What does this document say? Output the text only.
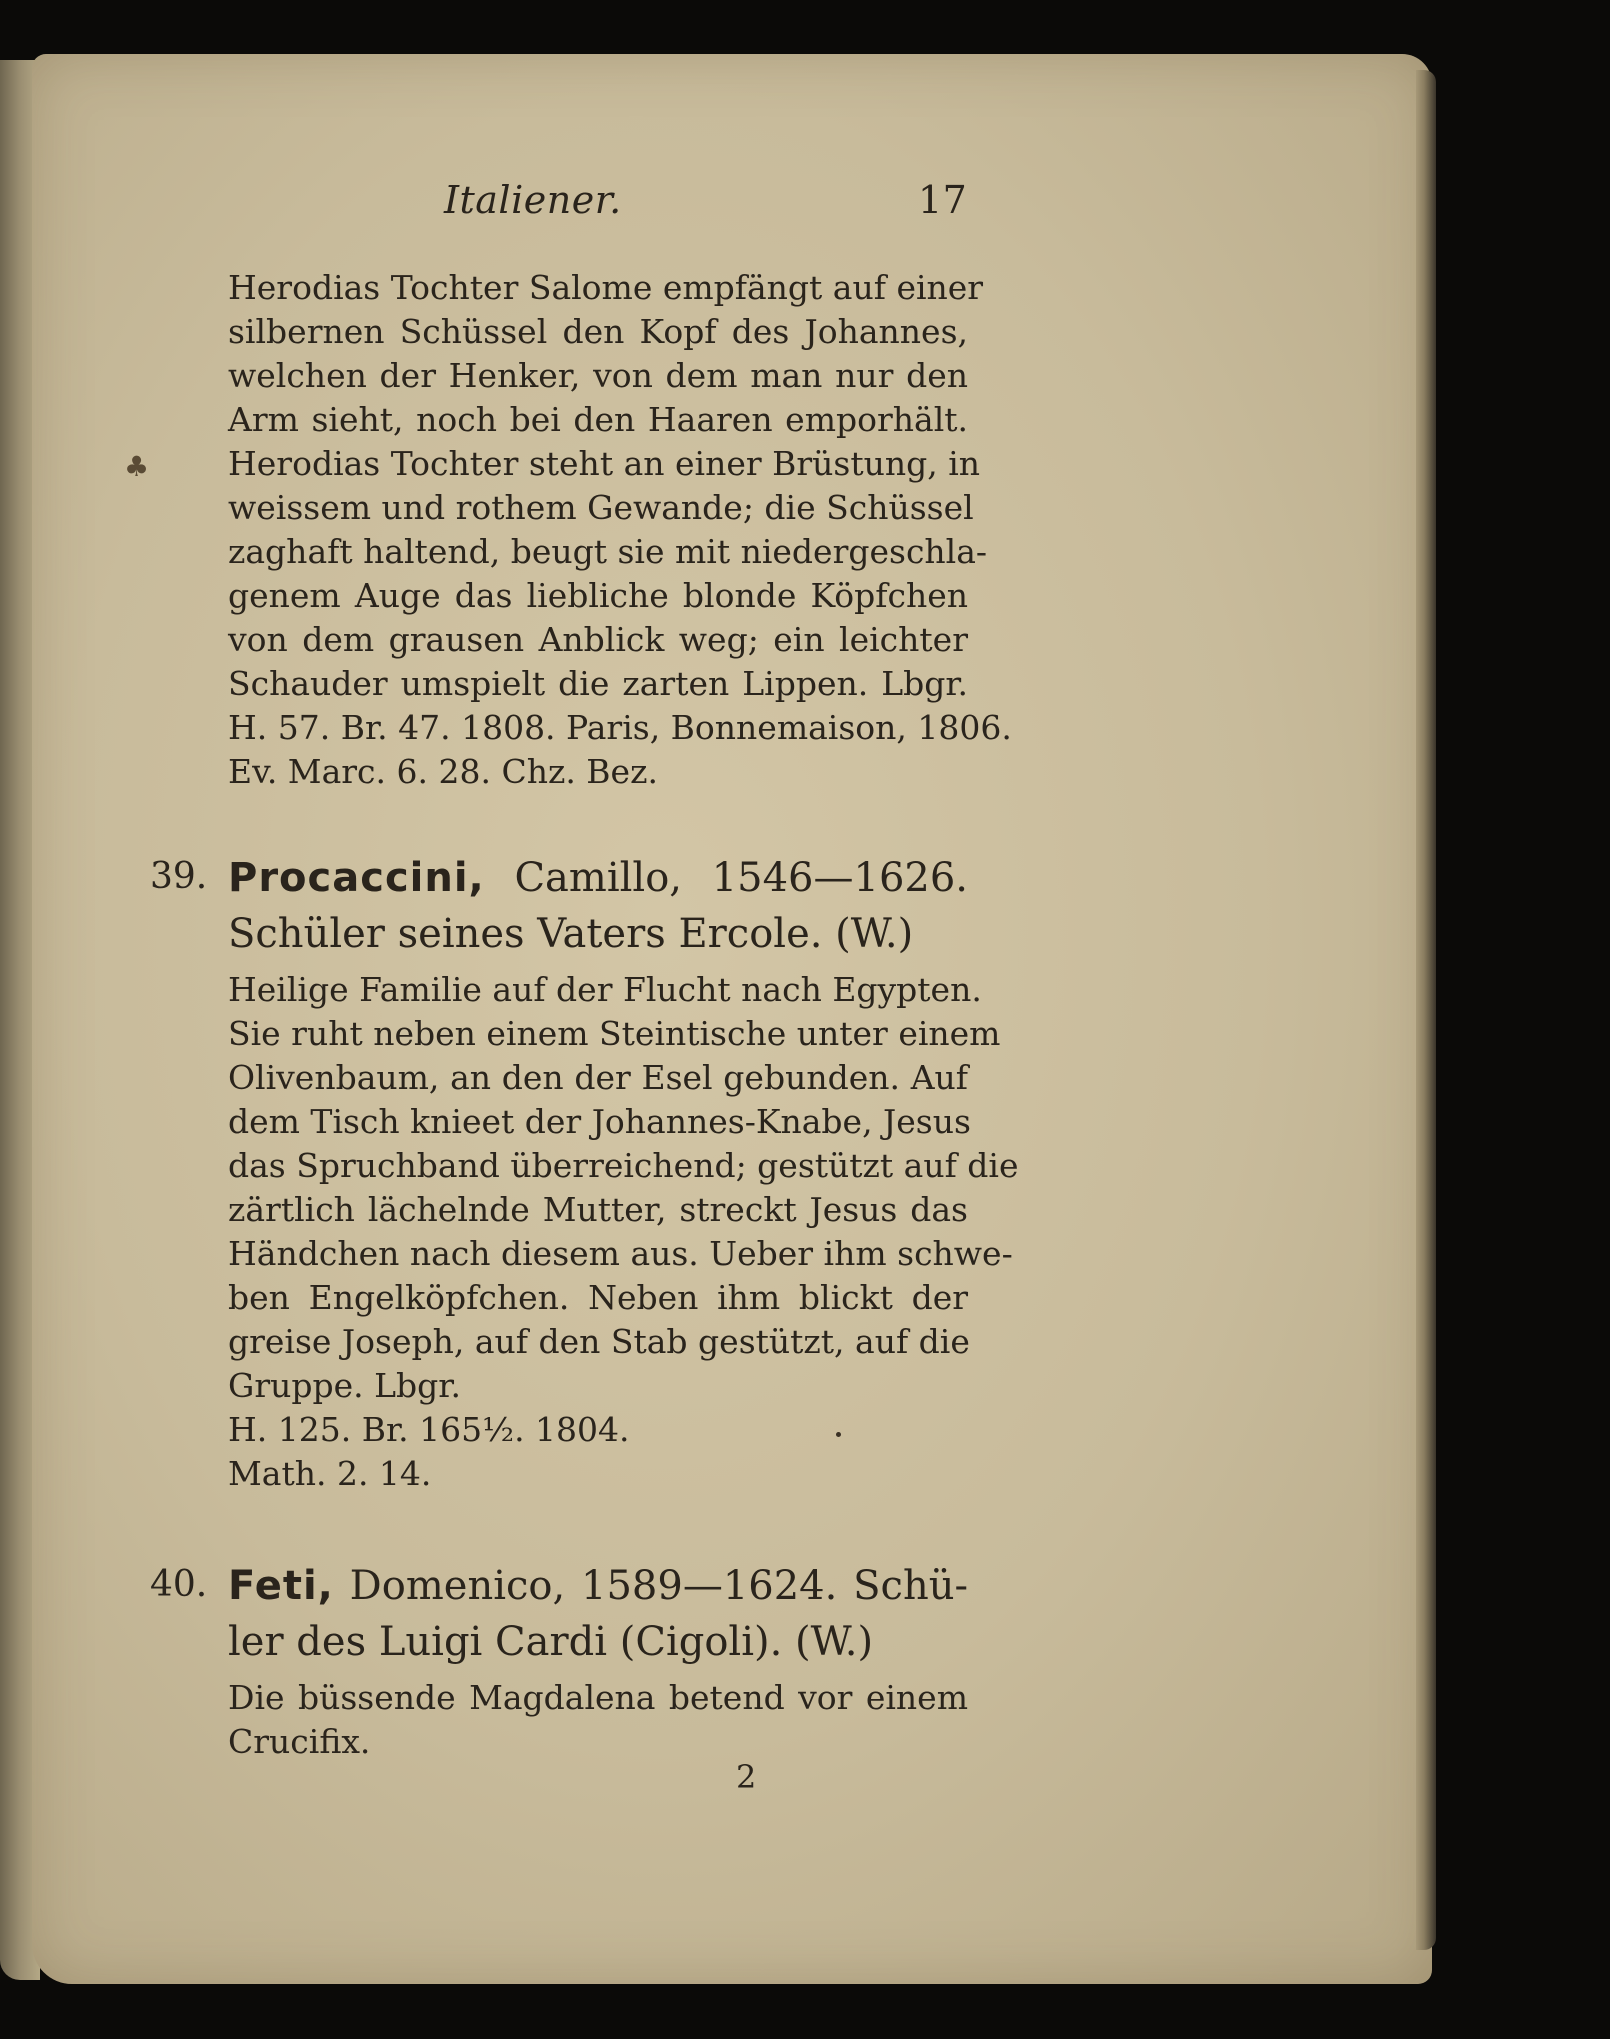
Italiener.	17
♣
Herodias Tochter Salome empfängt auf einer
silbernen Schüssel den Kopf des Johannes,
welchen der Henker, von dem man nur den
Arm sieht, noch bei den Haaren emporhält.
Herodias Tochter steht an einer Brüstung, in
weissem und rothem Gewande; die Schüssel
zaghaft haltend, beugt sie mit niedergeschla-
genem Auge das liebliche blonde Köpfchen
von dem grausen Anblick weg; ein leichter
Schauder umspielt die zarten Lippen. Lbgr.
H. 57. Br. 47. 1808. Paris, Bonnemaison, 1806.
Ev. Marc. 6. 28. Chz. Bez.
39. Procaccini, Camillo, 1546—1626.
Schüler seines Vaters Ercole. (W.)
Heilige Familie auf der Flucht nach Egypten.
Sie ruht neben einem Steintische unter einem
Olivenbaum, an den der Esel gebunden. Auf
dem Tisch knieet der Johannes-Knabe, Jesus
das Spruchband überreichend; gestützt auf die
zärtlich lächelnde Mutter, streckt Jesus das
Händchen nach diesem aus. Ueber ihm schwe-
ben Engelköpfchen. Neben ihm blickt der
greise Joseph, auf den Stab gestützt, auf die
Gruppe. Lbgr.
H. 125. Br. 165½. 1804.
Math. 2. 14.
40. Feti, Domenico, 1589—1624. Schü-
ler des Luigi Cardi (Cigoli). (W.)
Die büssende Magdalena betend vor einem
Crucifix.
2
